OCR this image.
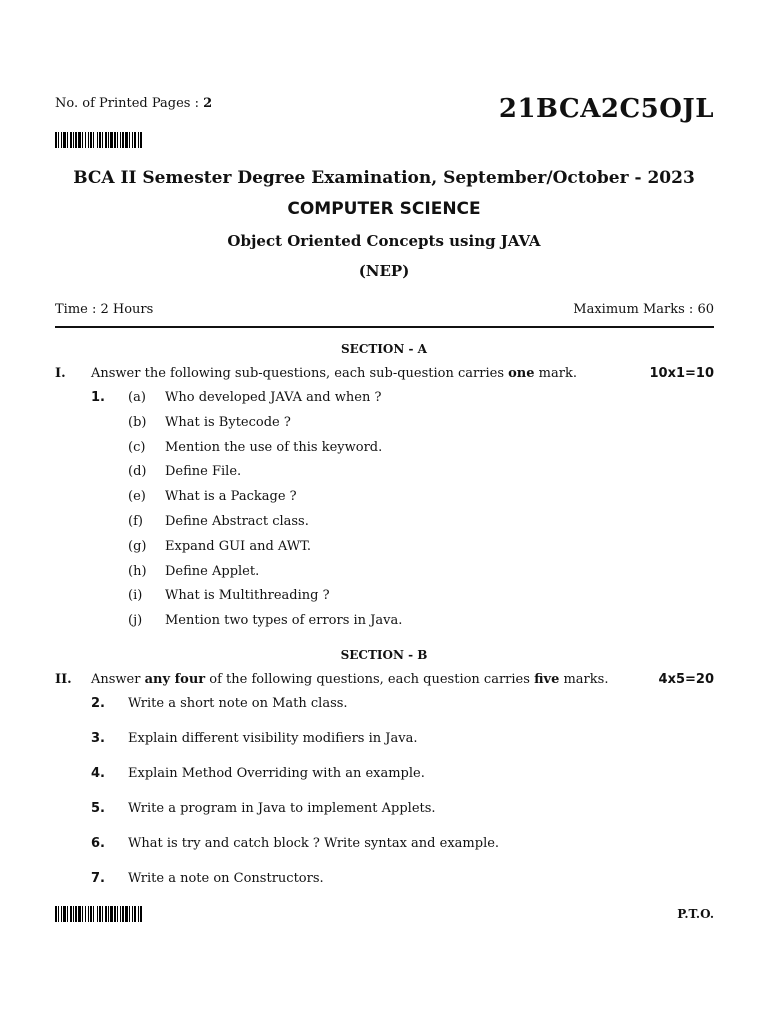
No. of Printed Pages : 2	21BCA2C5OJL
BCA II Semester Degree Examination, September/October - 2023
COMPUTER SCIENCE
Object Oriented Concepts using JAVA
(NEP)
Time : 2 Hours	Maximum Marks : 60
SECTION - A
I. Answer the following sub-questions, each sub-question carries one mark.	10x1=10
1. (a) Who developed JAVA and when ?
(b) What is Bytecode ?
(c) Mention the use of this keyword.
(d) Define File.
(e) What is a Package ?
(f) Define Abstract class.
(g) Expand GUI and AWT.
(h) Define Applet.
(i) What is Multithreading ?
(j) Mention two types of errors in Java.
SECTION - B
II. Answer any four of the following questions, each question carries five marks.	4x5=20
2. Write a short note on Math class.
3. Explain different visibility modifiers in Java.
4. Explain Method Overriding with an example.
5. Write a program in Java to implement Applets.
6. What is try and catch block ? Write syntax and example.
7. Write a note on Constructors.
P.T.O.
